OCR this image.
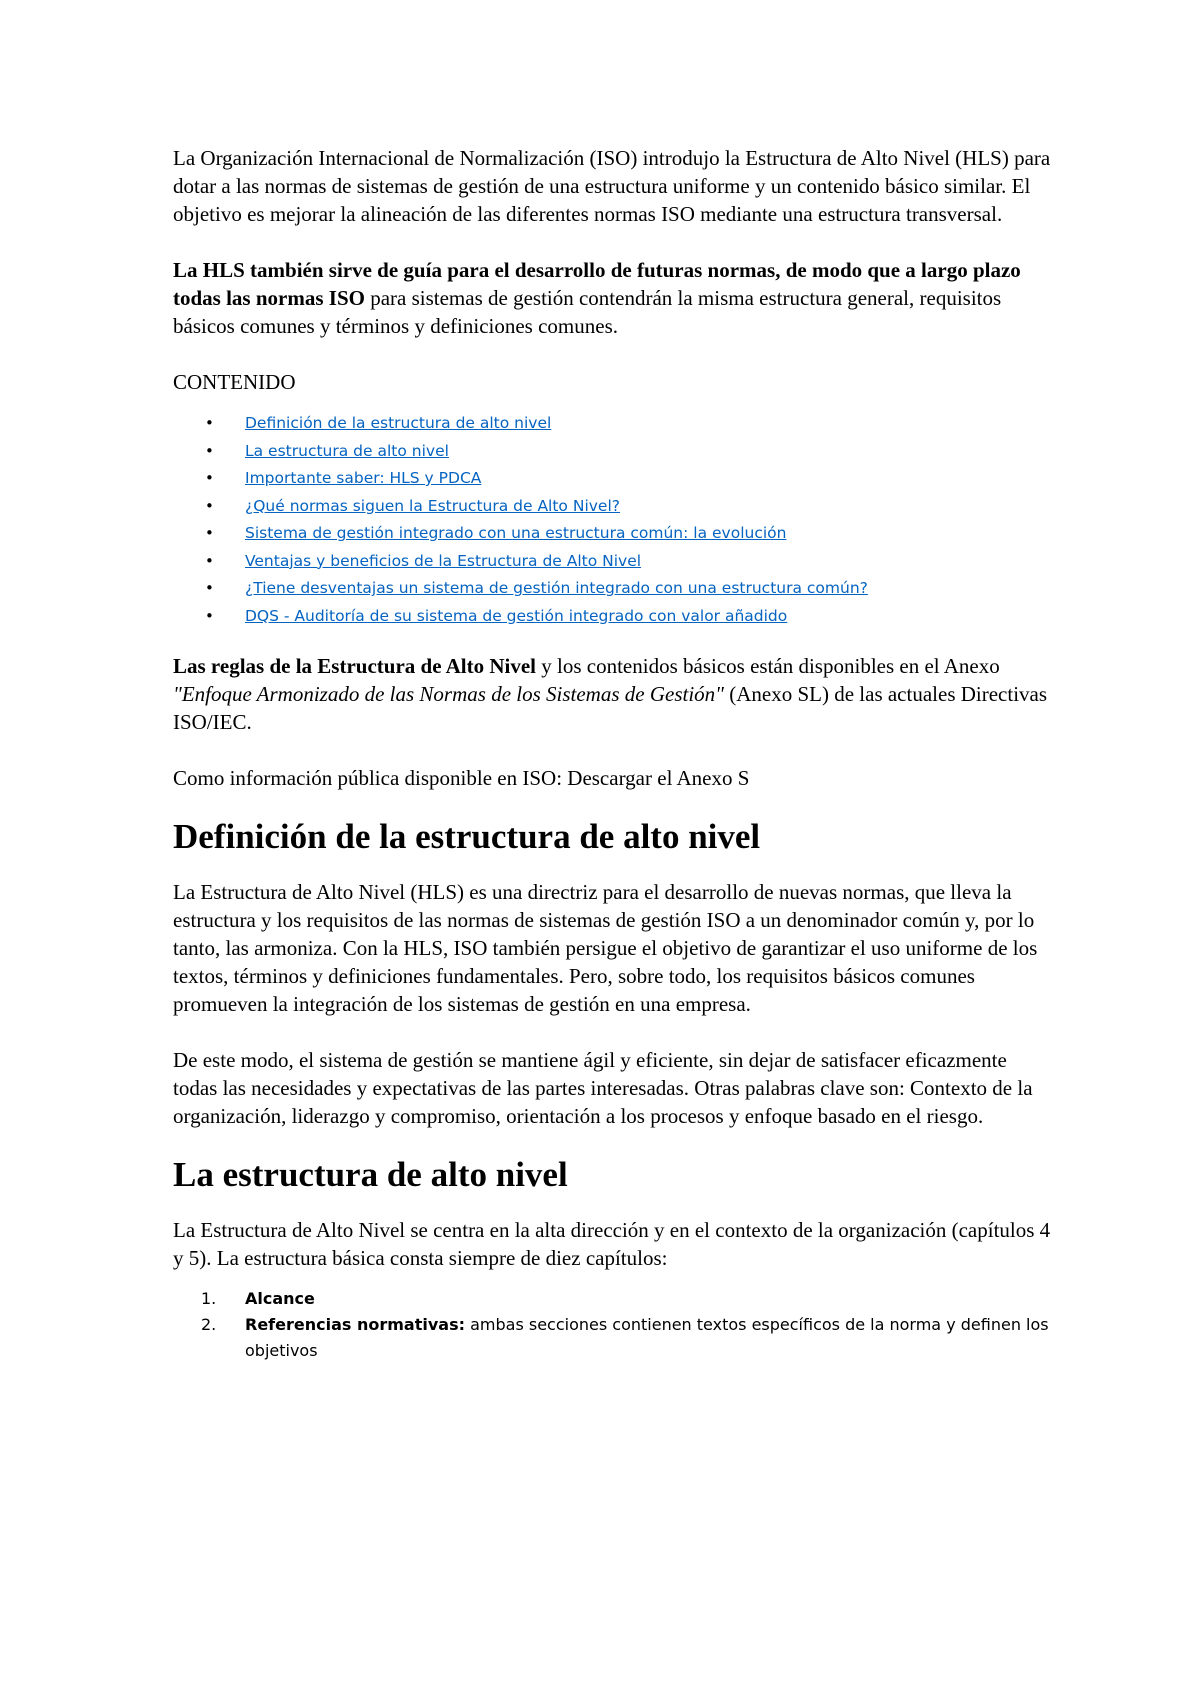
La Organización Internacional de Normalización (ISO) introdujo la Estructura de Alto Nivel (HLS) para dotar a las normas de sistemas de gestión de una estructura uniforme y un contenido básico similar. El objetivo es mejorar la alineación de las diferentes normas ISO mediante una estructura transversal.

La HLS también sirve de guía para el desarrollo de futuras normas, de modo que a largo plazo todas las normas ISO para sistemas de gestión contendrán la misma estructura general, requisitos básicos comunes y términos y definiciones comunes.

CONTENIDO

• Definición de la estructura de alto nivel
• La estructura de alto nivel
• Importante saber: HLS y PDCA
• ¿Qué normas siguen la Estructura de Alto Nivel?
• Sistema de gestión integrado con una estructura común: la evolución
• Ventajas y beneficios de la Estructura de Alto Nivel
• ¿Tiene desventajas un sistema de gestión integrado con una estructura común?
• DQS - Auditoría de su sistema de gestión integrado con valor añadido

Las reglas de la Estructura de Alto Nivel y los contenidos básicos están disponibles en el Anexo "Enfoque Armonizado de las Normas de los Sistemas de Gestión" (Anexo SL) de las actuales Directivas ISO/IEC.

Como información pública disponible en ISO: Descargar el Anexo S

Definición de la estructura de alto nivel

La Estructura de Alto Nivel (HLS) es una directriz para el desarrollo de nuevas normas, que lleva la estructura y los requisitos de las normas de sistemas de gestión ISO a un denominador común y, por lo tanto, las armoniza. Con la HLS, ISO también persigue el objetivo de garantizar el uso uniforme de los textos, términos y definiciones fundamentales. Pero, sobre todo, los requisitos básicos comunes promueven la integración de los sistemas de gestión en una empresa.

De este modo, el sistema de gestión se mantiene ágil y eficiente, sin dejar de satisfacer eficazmente todas las necesidades y expectativas de las partes interesadas. Otras palabras clave son: Contexto de la organización, liderazgo y compromiso, orientación a los procesos y enfoque basado en el riesgo.

La estructura de alto nivel

La Estructura de Alto Nivel se centra en la alta dirección y en el contexto de la organización (capítulos 4 y 5). La estructura básica consta siempre de diez capítulos:

1. Alcance
2. Referencias normativas: ambas secciones contienen textos específicos de la norma y definen los objetivos
